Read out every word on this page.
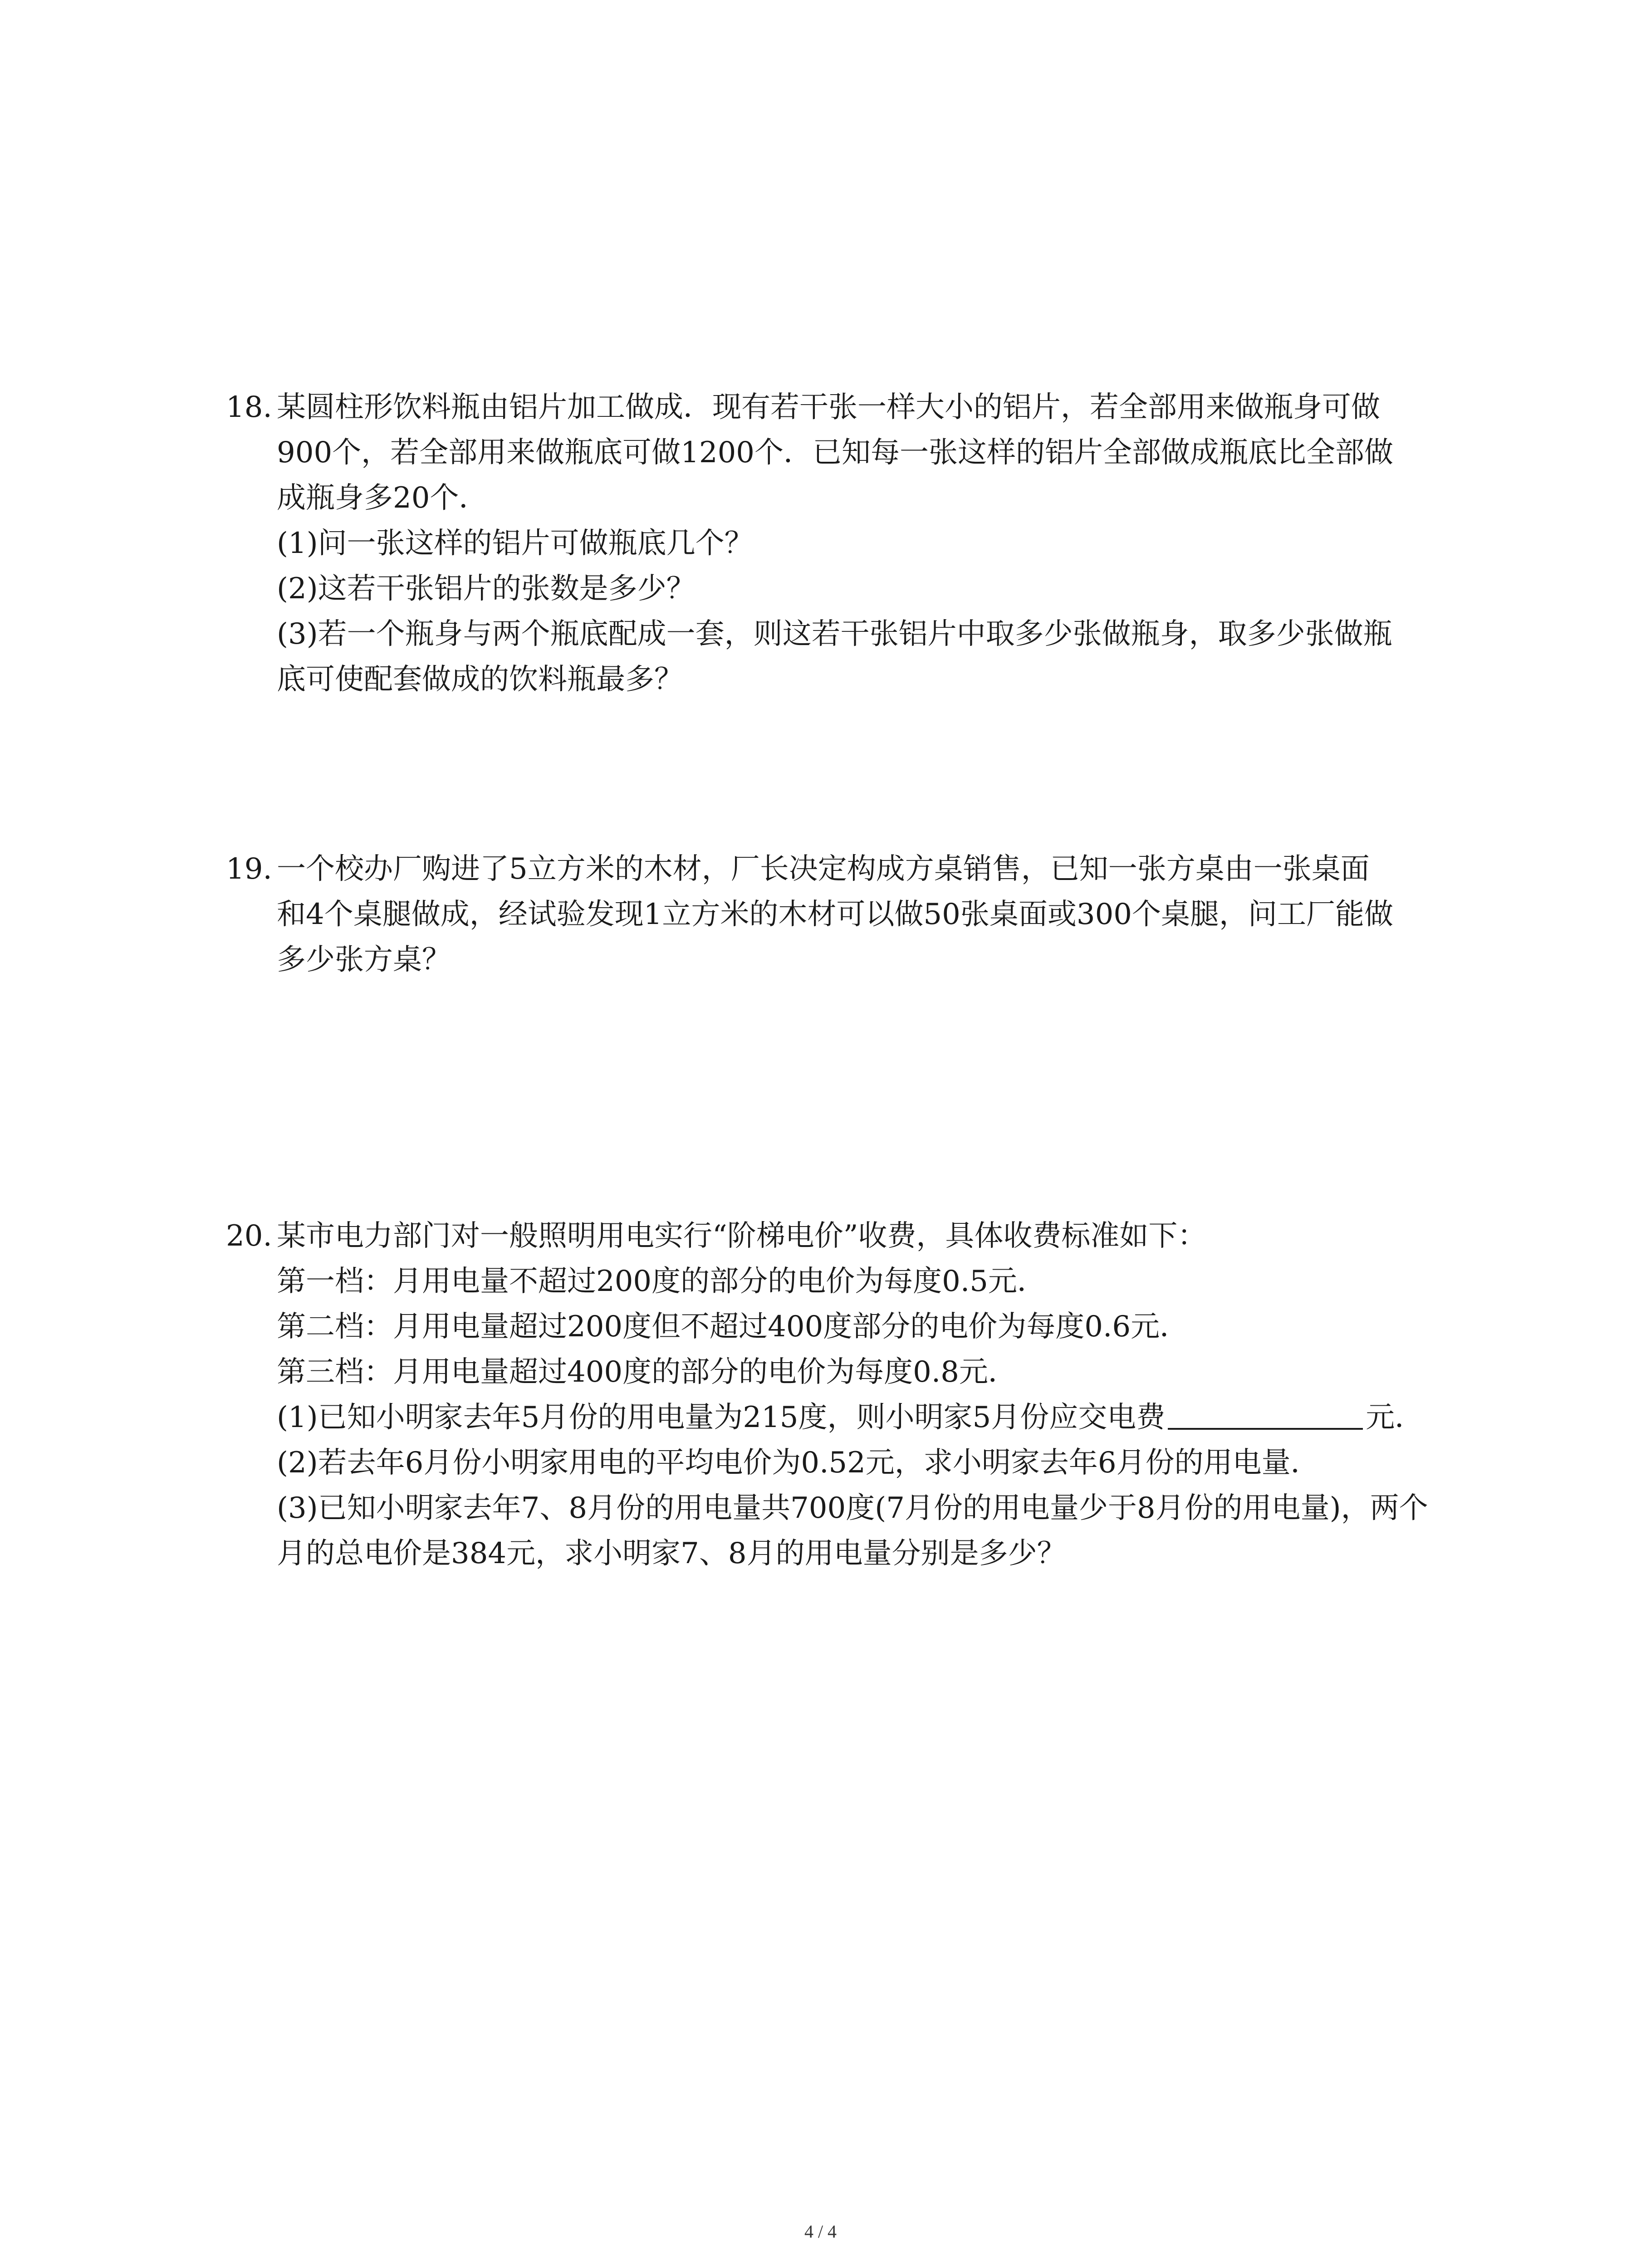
18. 某圆柱形饮料瓶由铝片加工做成．现有若干张一样大小的铝片，若全部用来做瓶身可做
900个，若全部用来做瓶底可做1200个．已知每一张这样的铝片全部做成瓶底比全部做
成瓶身多20个．
(1)问一张这样的铝片可做瓶底几个？
(2)这若干张铝片的张数是多少？
(3)若一个瓶身与两个瓶底配成一套，则这若干张铝片中取多少张做瓶身，取多少张做瓶
底可使配套做成的饮料瓶最多？
19. 一个校办厂购进了5立方米的木材，厂长决定构成方桌销售，已知一张方桌由一张桌面
和4个桌腿做成，经试验发现1立方米的木材可以做50张桌面或300个桌腿，问工厂能做
多少张方桌？
20. 某市电力部门对一般照明用电实行“阶梯电价”收费，具体收费标准如下：
第一档：月用电量不超过200度的部分的电价为每度0.5元．
第二档：月用电量超过200度但不超过400度部分的电价为每度0.6元．
第三档：月用电量超过400度的部分的电价为每度0.8元．
(1)已知小明家去年5月份的用电量为215度，则小明家5月份应交电费	元．
(2)若去年6月份小明家用电的平均电价为0.52元，求小明家去年6月份的用电量．
(3)已知小明家去年7、8月份的用电量共700度(7月份的用电量少于8月份的用电量)，两个
月的总电价是384元，求小明家7、8月的用电量分别是多少？
4 / 4
